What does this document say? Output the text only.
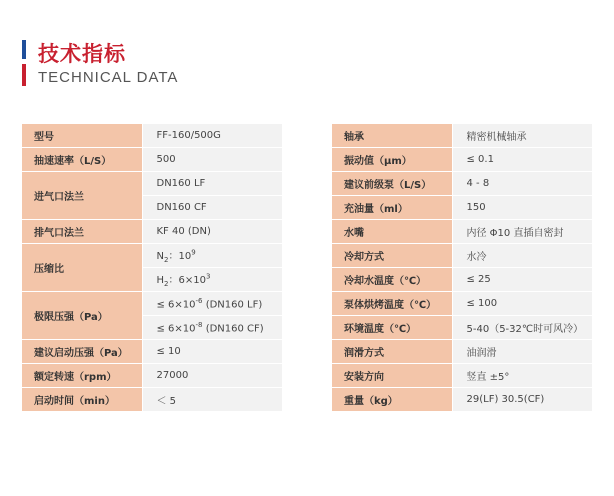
技术指标
TECHNICAL DATA
型号	FF-160/500G
抽速速率（L/S）	500
进气口法兰	DN160 LF
	DN160 CF
排气口法兰	KF 40 (DN)
压缩比	$N_2$：$10^9$
	$H_2$：$6\times 10^3$
极限压强（Pa）	≤ $6\times 10^{-6}$ (DN160 LF)
	≤ $6\times 10^{-8}$ (DN160 CF)
建议启动压强（Pa）	≤ 10
额定转速（rpm）	27000
启动时间（min）	＜ 5
轴承	精密机械轴承
振动值（μm）	≤ 0.1
建议前级泵（L/S）	4 - 8
充油量（ml）	150
水嘴	内径 Φ10 直插自密封
冷却方式	水冷
冷却水温度（℃）	≤ 25
泵体烘烤温度（℃）	≤ 100
环境温度（℃）	5-40（5-32℃时可风冷）
润滑方式	油润滑
安装方向	竖直 ±5°
重量（kg）	29(LF) 30.5(CF)
